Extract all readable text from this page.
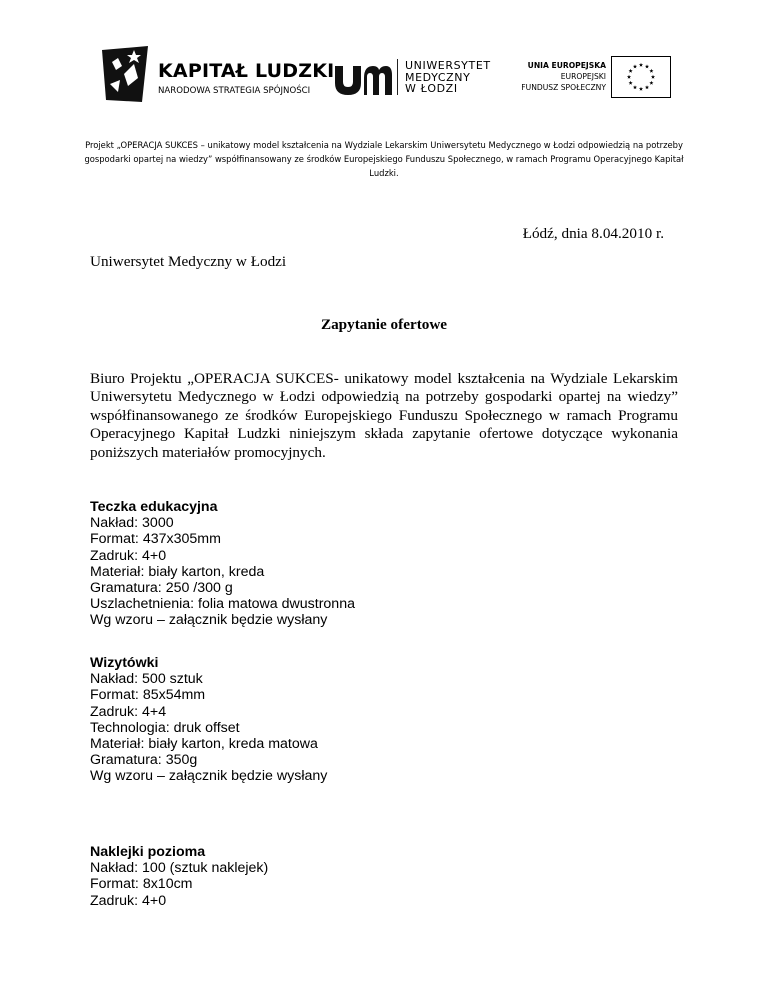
KAPITAŁ LUDZKI
NARODOWA STRATEGIA SPÓJNOŚCI
UNIWERSYTET
MEDYCZNY
W ŁODZI
UNIA EUROPEJSKA
EUROPEJSKI
FUNDUSZ SPOŁECZNY
Projekt „OPERACJA SUKCES – unikatowy model kształcenia na Wydziale Lekarskim Uniwersytetu Medycznego w Łodzi odpowiedzią na potrzeby gospodarki opartej na wiedzy” współfinansowany ze środków Europejskiego Funduszu Społecznego, w ramach Programu Operacyjnego Kapitał Ludzki.
Łódź, dnia 8.04.2010 r.
Uniwersytet Medyczny w Łodzi
Zapytanie ofertowe
Biuro Projektu „OPERACJA SUKCES- unikatowy model kształcenia na Wydziale Lekarskim Uniwersytetu Medycznego w Łodzi odpowiedzią na potrzeby gospodarki opartej na wiedzy” współfinansowanego ze środków Europejskiego Funduszu Społecznego w ramach Programu Operacyjnego Kapitał Ludzki niniejszym składa zapytanie ofertowe dotyczące wykonania poniższych materiałów promocyjnych.
Teczka edukacyjna
Nakład: 3000
Format: 437x305mm
Zadruk: 4+0
Materiał: biały karton, kreda
Gramatura: 250 /300 g
Uszlachetnienia: folia matowa dwustronna
Wg wzoru – załącznik będzie wysłany
Wizytówki
Nakład: 500 sztuk
Format: 85x54mm
Zadruk: 4+4
Technologia: druk offset
Materiał: biały karton, kreda matowa
Gramatura: 350g
Wg wzoru – załącznik będzie wysłany
Naklejki pozioma
Nakład: 100 (sztuk naklejek)
Format: 8x10cm
Zadruk: 4+0
